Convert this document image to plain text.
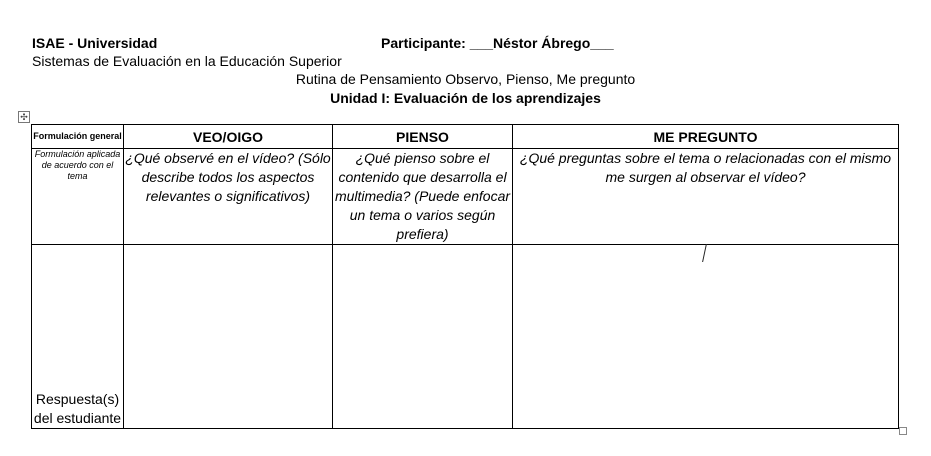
ISAE - Universidad	Participante: ___Néstor Ábrego___
Sistemas de Evaluación en la Educación Superior
Rutina de Pensamiento Observo, Pienso, Me pregunto
Unidad I: Evaluación de los aprendizajes
✣
Formulación general	VEO/OIGO	PIENSO	ME PREGUNTO
Formulación aplicada de acuerdo con el tema	¿Qué observé en el vídeo? (Sólo describe todos los aspectos relevantes o significativos)	¿Qué pienso sobre el contenido que desarrolla el multimedia? (Puede enfocar un tema o varios según prefiera)	¿Qué preguntas sobre el tema o relacionadas con el mismo me surgen al observar el vídeo?
Respuesta(s) del estudiante			
